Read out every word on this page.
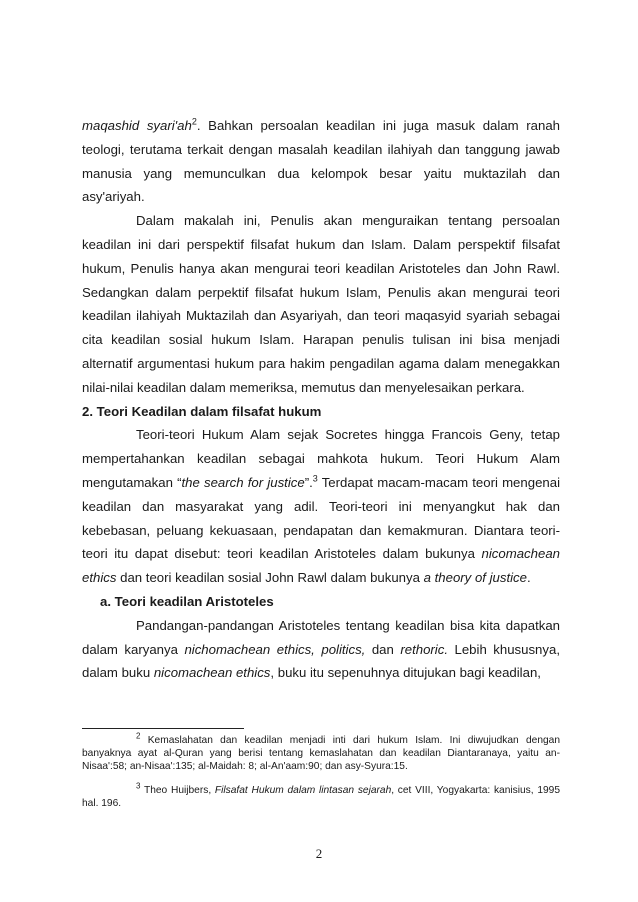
maqashid $syari'ah^2$. Bahkan persoalan keadilan ini juga masuk dalam ranah teologi, terutama terkait dengan masalah keadilan ilahiyah dan tanggung jawab manusia yang memunculkan dua kelompok besar yaitu muktazilah dan asy'ariyah.

Dalam makalah ini, Penulis akan menguraikan tentang persoalan keadilan ini dari perspektif filsafat hukum dan Islam. Dalam perspektif filsafat hukum, Penulis hanya akan mengurai teori keadilan Aristoteles dan John Rawl. Sedangkan dalam perpektif filsafat hukum Islam, Penulis akan mengurai teori keadilan ilahiyah Muktazilah dan Asyariyah, dan teori maqasyid syariah sebagai cita keadilan sosial hukum Islam. Harapan penulis tulisan ini bisa menjadi alternatif argumentasi hukum para hakim pengadilan agama dalam menegakkan nilai-nilai keadilan dalam memeriksa, memutus dan menyelesaikan perkara.

2. Teori Keadilan dalam filsafat hukum

Teori-teori Hukum Alam sejak Socretes hingga Francois Geny, tetap mempertahankan keadilan sebagai mahkota hukum. Teori Hukum Alam mengutamakan “the search for justice”.$^3$ Terdapat macam-macam teori mengenai keadilan dan masyarakat yang adil. Teori-teori ini menyangkut hak dan kebebasan, peluang kekuasaan, pendapatan dan kemakmuran. Diantara teori-teori itu dapat disebut: teori keadilan Aristoteles dalam bukunya nicomachean ethics dan teori keadilan sosial John Rawl dalam bukunya a theory of justice.

a. Teori keadilan Aristoteles

Pandangan-pandangan Aristoteles tentang keadilan bisa kita dapatkan dalam karyanya nichomachean ethics, politics, dan rethoric. Lebih khususnya, dalam buku nicomachean ethics, buku itu sepenuhnya ditujukan bagi keadilan,

$^2$ Kemaslahatan dan keadilan menjadi inti dari hukum Islam. Ini diwujudkan dengan banyaknya ayat al-Quran yang berisi tentang kemaslahatan dan keadilan Diantaranaya, yaitu an-Nisaa':58; an-Nisaa':135; al-Maidah: 8; al-An'aam:90; dan asy-Syura:15.

$^3$ Theo Huijbers, Filsafat Hukum dalam lintasan sejarah, cet VIII, Yogyakarta: kanisius, 1995 hal. 196.

2
